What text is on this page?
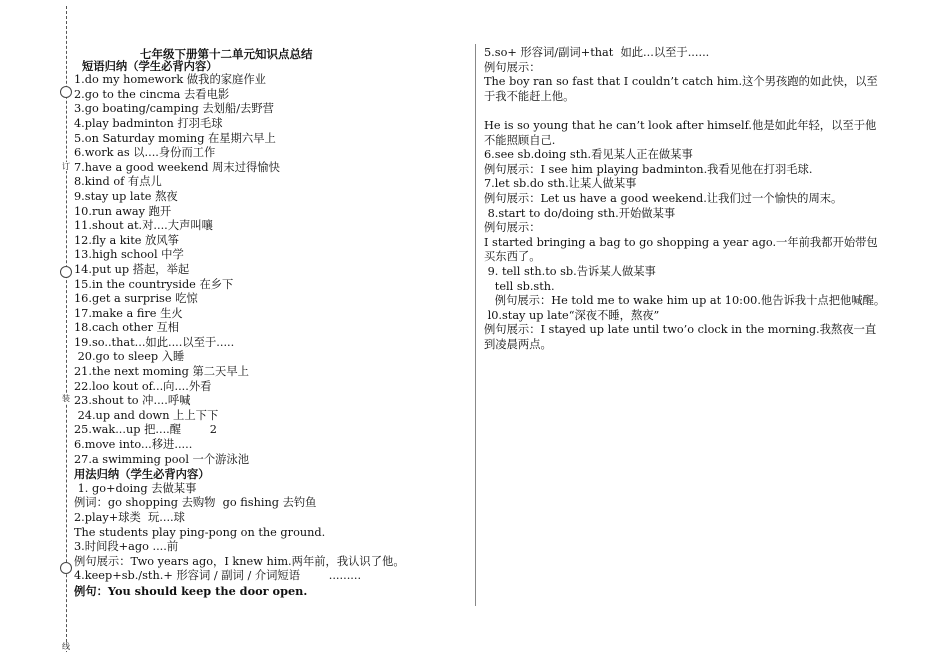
订
装
线
七年级下册第十二单元知识点总结
短语归纳（学生必背内容）
1.do my homework 做我的家庭作业
2.go to the cincma 去看电影
3.go boating/camping 去划船/去野营
4.play badminton 打羽毛球
5.on Saturday moming 在星期六早上
6.work as 以....身份而工作
7.have a good weekend 周末过得愉快
8.kind of 有点儿
9.stay up late 熬夜
10.run away 跑开
11.shout at.对....大声叫嚷
12.fly a kite 放风筝
13.high school 中学
14.put up 搭起，举起
15.in the countryside 在乡下
16.get a surprise 吃惊
17.make a fire 生火
18.cach other 互相
19.so..that...如此....以至于.....
20.go to sleep 入睡
21.the next moming 第二天早上
22.loo kout of...向....外看
23.shout to 冲....呼喊
24.up and down 上上下下
25.wak...up 把....醒        2
6.move into...移进.....
27.a swimming pool 一个游泳池
用法归纳（学生必背内容）
1. go+doing 去做某事
例词：go shopping 去购物  go fishing 去钓鱼
2.play+球类  玩....球
The students play ping-pong on the ground.
3.时间段+ago ....前
例句展示：Two years ago，I knew him.两年前，我认识了他。
4.keep+sb./sth.+ 形容词 / 副词 / 介词短语        .........
例句：You should keep the door open.
5.so+ 形容词/副词+that  如此...以至于......
例句展示：
The boy ran so fast that I couldn’t catch him.这个男孩跑的如此快，以至于我不能赶上他。
He is so young that he can’t look after himself.他是如此年轻，以至于他不能照顾自己.
6.see sb.doing sth.看见某人正在做某事
例句展示：I see him playing badminton.我看见他在打羽毛球.
7.let sb.do sth.让某人做某事
例句展示：Let us have a good weekend.让我们过一个愉快的周末。
8.start to do/doing sth.开始做某事
例句展示：
I started bringing a bag to go shopping a year ago.一年前我都开始带包买东西了。
9. tell sth.to sb.告诉某人做某事
tell sb.sth.
例句展示：He told me to wake him up at 10:00.他告诉我十点把他喊醒。
l0.stay up late“深夜不睡，熬夜”
例句展示：I stayed up late until two’o clock in the morning.我熬夜一直到凌晨两点。
